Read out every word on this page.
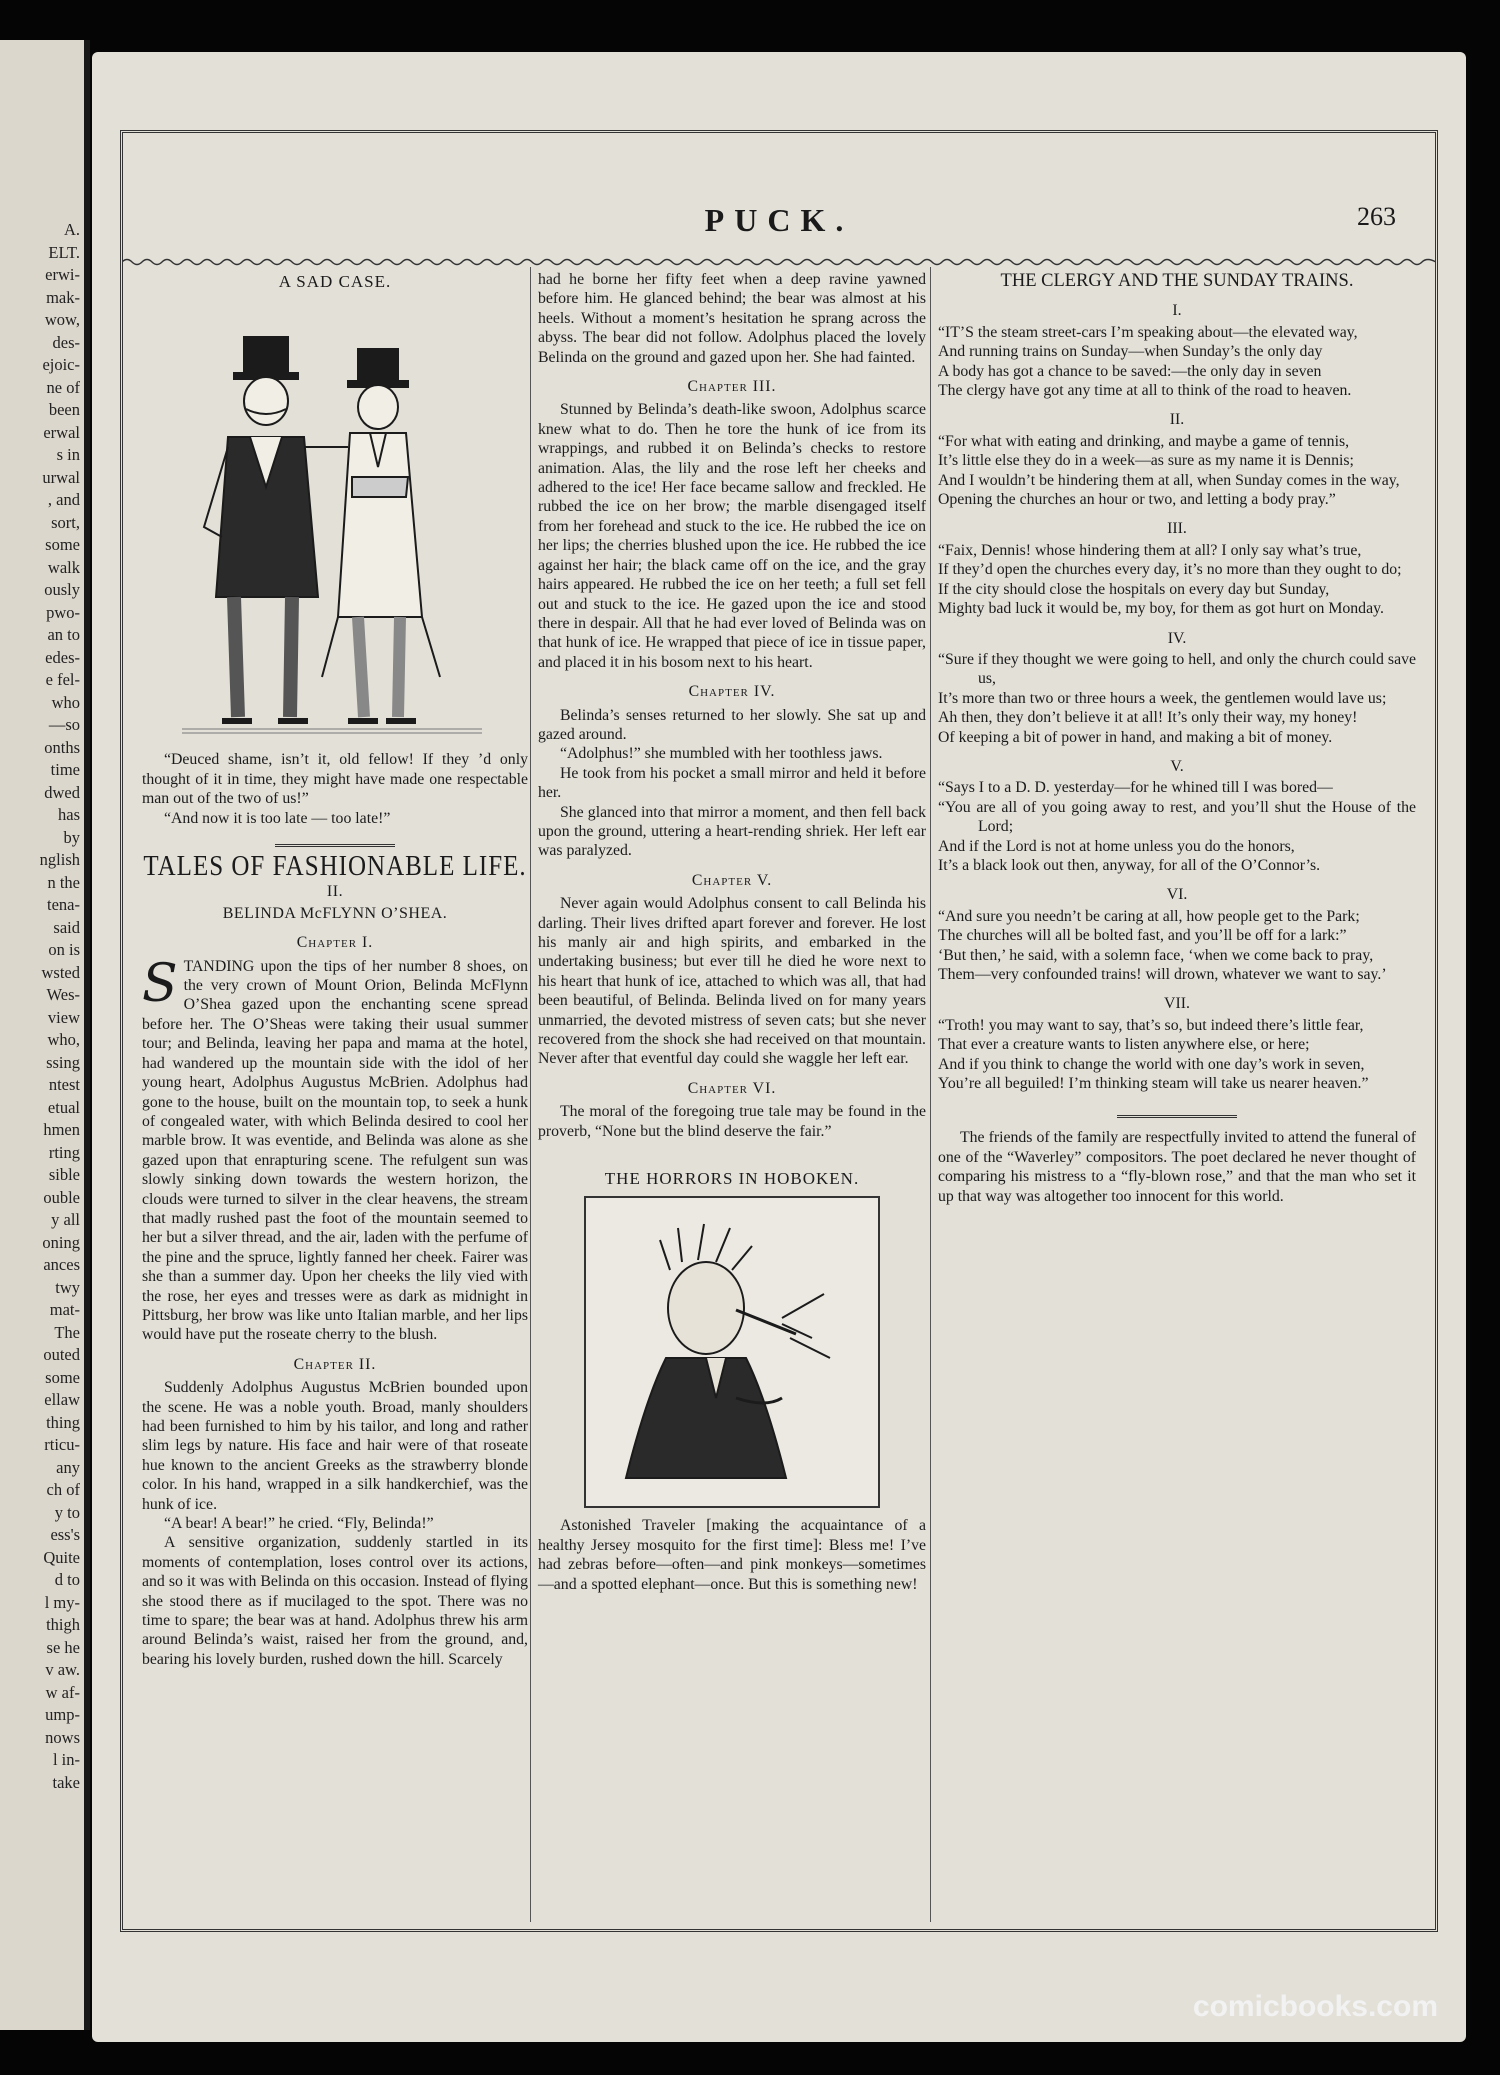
A.
ELT.
erwi-
mak-
wow,
des-
ejoic-
ne of
been
erwal
s in
urwal
, and
sort,
some
walk
ously
pwo-
an to
edes-
e fel-
who
—so
onths
time
dwed
has
by
nglish
n the
tena-
said
on is
wsted
Wes-
view
who,
ssing
ntest
etual
hmen
rting
sible
ouble
y all
oning
ances
twy
mat-
The
outed
some
ellaw
thing
rticu-
any
ch of
y to
ess's
Quite
d to
l my-
thigh
se he
v aw.
w af-
ump-
nows
l in-
take
PUCK.	263
A SAD CASE.

“Deuced shame, isn’t it, old fellow! If they ’d only thought of it in time, they might have made one respectable man out of the two of us!”

“And now it is too late — too late!”

TALES OF FASHIONABLE LIFE.
II.
BELINDA McFLYNN O’SHEA.
Chapter I.

STANDING upon the tips of her number 8 shoes, on the very crown of Mount Orion, Belinda McFlynn O’Shea gazed upon the enchanting scene spread before her. The O’Sheas were taking their usual summer tour; and Belinda, leaving her papa and mama at the hotel, had wandered up the mountain side with the idol of her young heart, Adolphus Augustus McBrien. Adolphus had gone to the house, built on the mountain top, to seek a hunk of congealed water, with which Belinda desired to cool her marble brow. It was eventide, and Belinda was alone as she gazed upon that enrapturing scene. The refulgent sun was slowly sinking down towards the western horizon, the clouds were turned to silver in the clear heavens, the stream that madly rushed past the foot of the mountain seemed to her but a silver thread, and the air, laden with the perfume of the pine and the spruce, lightly fanned her cheek. Fairer was she than a summer day. Upon her cheeks the lily vied with the rose, her eyes and tresses were as dark as midnight in Pittsburg, her brow was like unto Italian marble, and her lips would have put the roseate cherry to the blush.

Chapter II.

Suddenly Adolphus Augustus McBrien bounded upon the scene. He was a noble youth. Broad, manly shoulders had been furnished to him by his tailor, and long and rather slim legs by nature. His face and hair were of that roseate hue known to the ancient Greeks as the strawberry blonde color. In his hand, wrapped in a silk handkerchief, was the hunk of ice.

“A bear! A bear!” he cried. “Fly, Belinda!”

A sensitive organization, suddenly startled in its moments of contemplation, loses control over its actions, and so it was with Belinda on this occasion. Instead of flying she stood there as if mucilaged to the spot. There was no time to spare; the bear was at hand. Adolphus threw his arm around Belinda’s waist, raised her from the ground, and, bearing his lovely burden, rushed down the hill. Scarcely

had he borne her fifty feet when a deep ravine yawned before him. He glanced behind; the bear was almost at his heels. Without a moment’s hesitation he sprang across the abyss. The bear did not follow. Adolphus placed the lovely Belinda on the ground and gazed upon her. She had fainted.

Chapter III.

Stunned by Belinda’s death-like swoon, Adolphus scarce knew what to do. Then he tore the hunk of ice from its wrappings, and rubbed it on Belinda’s checks to restore animation. Alas, the lily and the rose left her cheeks and adhered to the ice! Her face became sallow and freckled. He rubbed the ice on her brow; the marble disengaged itself from her forehead and stuck to the ice. He rubbed the ice on her lips; the cherries blushed upon the ice. He rubbed the ice against her hair; the black came off on the ice, and the gray hairs appeared. He rubbed the ice on her teeth; a full set fell out and stuck to the ice. He gazed upon the ice and stood there in despair. All that he had ever loved of Belinda was on that hunk of ice. He wrapped that piece of ice in tissue paper, and placed it in his bosom next to his heart.

Chapter IV.

Belinda’s senses returned to her slowly. She sat up and gazed around.

“Adolphus!” she mumbled with her toothless jaws.

He took from his pocket a small mirror and held it before her.

She glanced into that mirror a moment, and then fell back upon the ground, uttering a heart-rending shriek. Her left ear was paralyzed.

Chapter V.

Never again would Adolphus consent to call Belinda his darling. Their lives drifted apart forever and forever. He lost his manly air and high spirits, and embarked in the undertaking business; but ever till he died he wore next to his heart that hunk of ice, attached to which was all, that had been beautiful, of Belinda. Belinda lived on for many years unmarried, the devoted mistress of seven cats; but she never recovered from the shock she had received on that mountain. Never after that eventful day could she waggle her left ear.

Chapter VI.

The moral of the foregoing true tale may be found in the proverb, “None but the blind deserve the fair.”

THE HORRORS IN HOBOKEN.

Astonished Traveler [making the acquaintance of a healthy Jersey mosquito for the first time]: Bless me! I’ve had zebras before—often—and pink monkeys—sometimes—and a spotted elephant—once. But this is something new!

THE CLERGY AND THE SUNDAY TRAINS.
I.
“IT’S the steam street-cars I’m speaking about—the elevated way,
And running trains on Sunday—when Sunday’s the only day
A body has got a chance to be saved:—the only day in seven
The clergy have got any time at all to think of the road to heaven.
II.
“For what with eating and drinking, and maybe a game of tennis,
It’s little else they do in a week—as sure as my name it is Dennis;
And I wouldn’t be hindering them at all, when Sunday comes in the way,
Opening the churches an hour or two, and letting a body pray.”
III.
“Faix, Dennis! whose hindering them at all? I only say what’s true,
If they’d open the churches every day, it’s no more than they ought to do;
If the city should close the hospitals on every day but Sunday,
Mighty bad luck it would be, my boy, for them as got hurt on Monday.
IV.
“Sure if they thought we were going to hell, and only the church could save us,
It’s more than two or three hours a week, the gentlemen would lave us;
Ah then, they don’t believe it at all! It’s only their way, my honey!
Of keeping a bit of power in hand, and making a bit of money.
V.
“Says I to a D. D. yesterday—for he whined till I was bored—
“You are all of you going away to rest, and you’ll shut the House of the Lord;
And if the Lord is not at home unless you do the honors,
It’s a black look out then, anyway, for all of the O’Connor’s.
VI.
“And sure you needn’t be caring at all, how people get to the Park;
The churches will all be bolted fast, and you’ll be off for a lark:”
‘But then,’ he said, with a solemn face, ‘when we come back to pray,
Them—very confounded trains! will drown, whatever we want to say.’
VII.
“Troth! you may want to say, that’s so, but indeed there’s little fear,
That ever a creature wants to listen anywhere else, or here;
And if you think to change the world with one day’s work in seven,
You’re all beguiled! I’m thinking steam will take us nearer heaven.”

The friends of the family are respectfully invited to attend the funeral of one of the “Waverley” compositors. The poet declared he never thought of comparing his mistress to a “fly-blown rose,” and that the man who set it up that way was altogether too innocent for this world.

comicbooks.com
